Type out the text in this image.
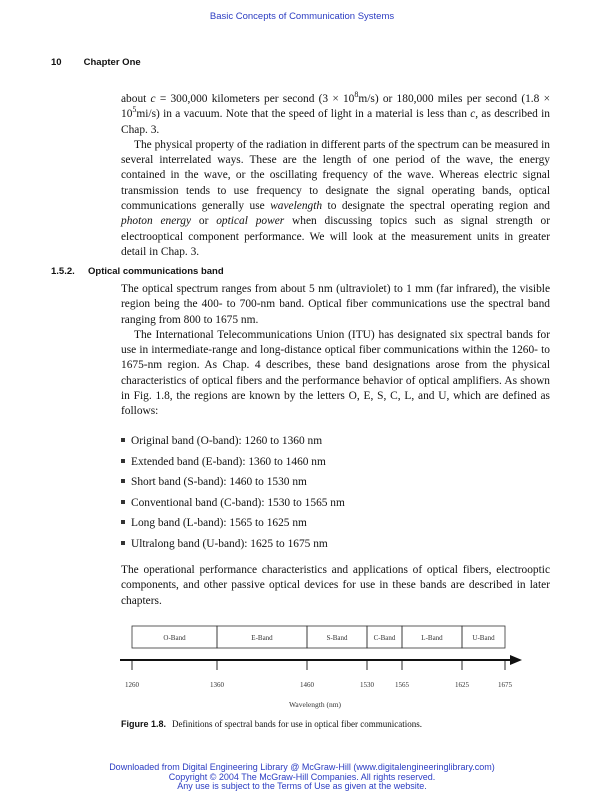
Basic Concepts of Communication Systems
10 Chapter One

about c = 300,000 kilometers per second $(3 \times 10^8m/s)$ or 180,000 miles per second $(1.8 \times 10^5mi/s)$ in a vacuum. Note that the speed of light in a material is less than c, as described in Chap. 3.

The physical property of the radiation in different parts of the spectrum can be measured in several interrelated ways. These are the length of one period of the wave, the energy contained in the wave, or the oscillating frequency of the wave. Whereas electric signal transmission tends to use frequency to designate the signal operating bands, optical communications generally use wavelength to designate the spectral operating region and photon energy or optical power when discussing topics such as signal strength or electrooptical component performance. We will look at the measurement units in greater detail in Chap. 3.

1.5.2. Optical communications band

The optical spectrum ranges from about 5 nm (ultraviolet) to 1 mm (far infrared), the visible region being the 400- to 700-nm band. Optical fiber communications use the spectral band ranging from 800 to 1675 nm.

The International Telecommunications Union (ITU) has designated six spectral bands for use in intermediate-range and long-distance optical fiber communications within the 1260- to 1675-nm region. As Chap. 4 describes, these band designations arose from the physical characteristics of optical fibers and the performance behavior of optical amplifiers. As shown in Fig. 1.8, the regions are known by the letters O, E, S, C, L, and U, which are defined as follows:

Original band (O-band): 1260 to 1360 nm
Extended band (E-band): 1360 to 1460 nm
Short band (S-band): 1460 to 1530 nm
Conventional band (C-band): 1530 to 1565 nm
Long band (L-band): 1565 to 1625 nm
Ultralong band (U-band): 1625 to 1675 nm

The operational performance characteristics and applications of optical fibers, electrooptic components, and other passive optical devices for use in these bands are described in later chapters.

O-Band	E-Band	S-Band	C-Band	L-Band	U-Band
1260	1360	1460	1530	1565	1625	1675
Wavelength (nm)
Figure 1.8. Definitions of spectral bands for use in optical fiber communications.
Downloaded from Digital Engineering Library @ McGraw-Hill (www.digitalengineeringlibrary.com)
Copyright © 2004 The McGraw-Hill Companies. All rights reserved.
Any use is subject to the Terms of Use as given at the website.
